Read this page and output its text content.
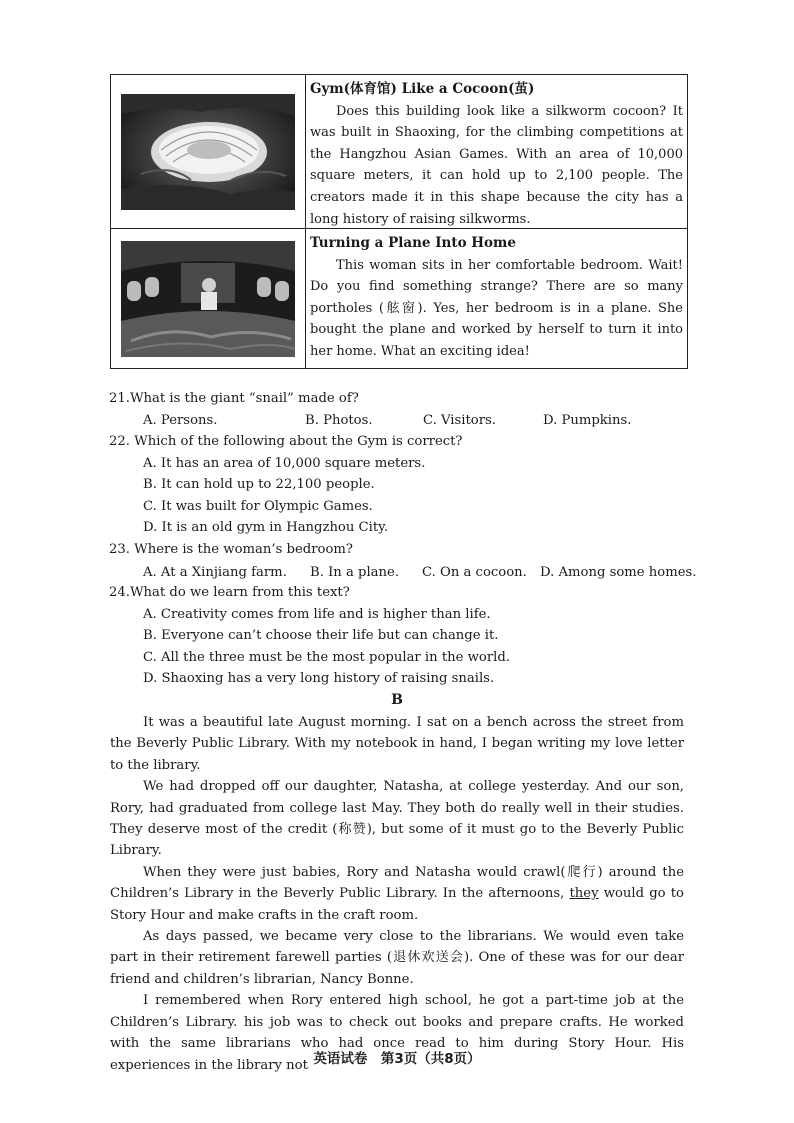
Gym(体育馆) Like a Cocoon(茧)
Does this building look like a silkworm cocoon? It was built in Shaoxing, for the climbing competitions at the Hangzhou Asian Games. With an area of 10,000 square meters, it can hold up to 2,100 people. The creators made it in this shape because the city has a long history of raising silkworms.
Turning a Plane Into Home
This woman sits in her comfortable bedroom. Wait! Do you find something strange? There are so many portholes (舷窗). Yes, her bedroom is in a plane. She bought the plane and worked by herself to turn it into her home. What an exciting idea!
21.What is the giant “snail” made of?
A. Persons.	B. Photos.	C. Visitors.	D. Pumpkins.
22. Which of the following about the Gym is correct?
A. It has an area of 10,000 square meters.
B. It can hold up to 22,100 people.
C. It was built for Olympic Games.
D. It is an old gym in Hangzhou City.
23. Where is the woman’s bedroom?
A. At a Xinjiang farm. B. In a plane. C. On a cocoon. D. Among some homes.
24.What do we learn from this text?
A. Creativity comes from life and is higher than life.
B. Everyone can’t choose their life but can change it.
C. All the three must be the most popular in the world.
D. Shaoxing has a very long history of raising snails.
B

It was a beautiful late August morning. I sat on a bench across the street from the Beverly Public Library. With my notebook in hand, I began writing my love letter to the library.

We had dropped off our daughter, Natasha, at college yesterday. And our son, Rory, had graduated from college last May. They both do really well in their studies. They deserve most of the credit (称赞), but some of it must go to the Beverly Public Library.

When they were just babies, Rory and Natasha would crawl(爬行) around the Children’s Library in the Beverly Public Library. In the afternoons, they would go to Story Hour and make crafts in the craft room.

As days passed, we became very close to the librarians. We would even take part in their retirement farewell parties (退休欢送会). One of these was for our dear friend and children’s librarian, Nancy Bonne.

I remembered when Rory entered high school, he got a part-time job at the Children’s Library. his job was to check out books and prepare crafts. He worked with the same librarians who had once read to him during Story Hour. His experiences in the library not 英语试卷　第3页（共8页）
